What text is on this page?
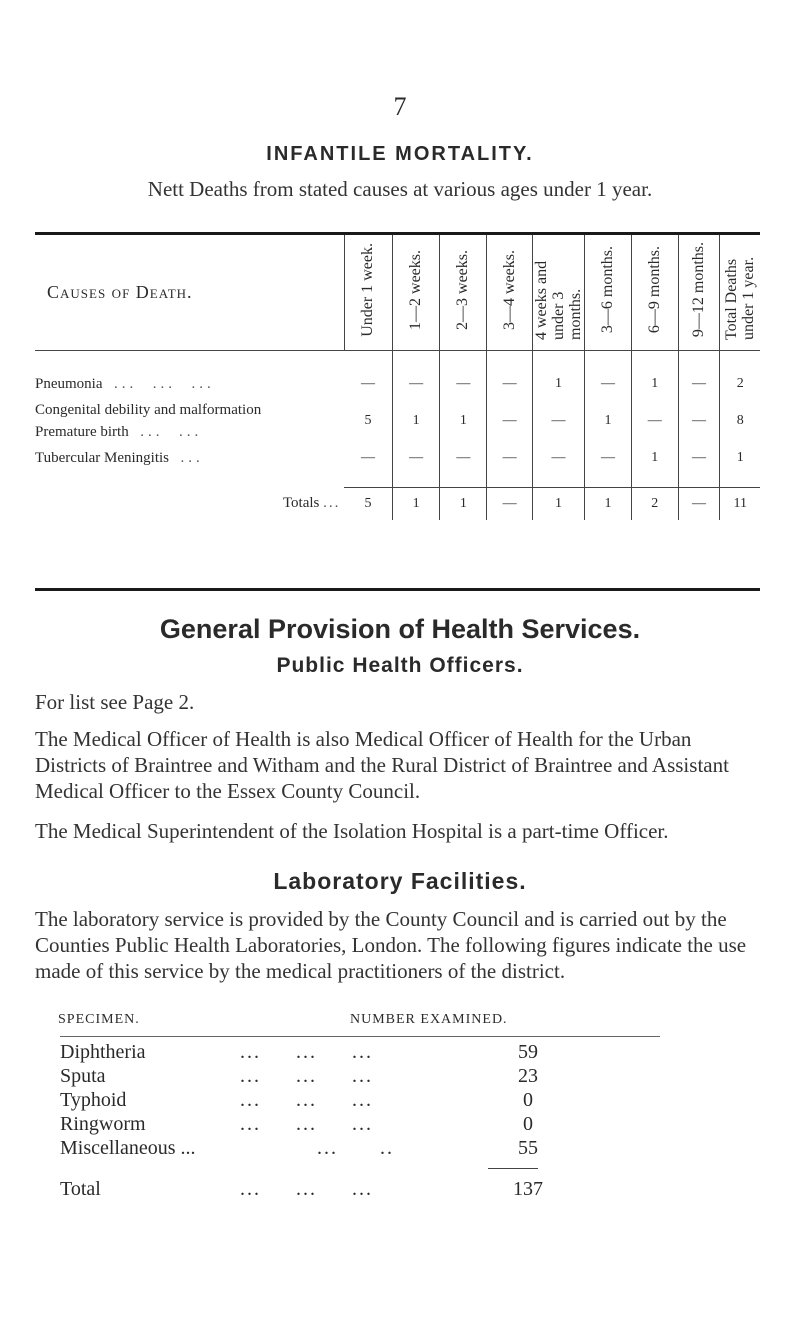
7
INFANTILE MORTALITY.
Nett Deaths from stated causes at various ages under 1 year.
Causes of Death.	Under 1 week.	1—2 weeks.	2—3 weeks.	3—4 weeks.	4 weeks and under 3 months.	3—6 months.	6—9 months.	9—12 months.	Total Deaths under 1 year.

Pneumonia  ...  ...  ...	—	—	—	—	1	—	1	—	2

Congenital debility and malformation
Premature birth  ...  ...	5	1	1	—	—	1	—	—	8
Tubercular Meningitis  ...	—	—	—	—	—	—	1	—	1

Totals ...	5	1	1	—	1	1	2	—	11
General Provision of Health Services.
Public Health Officers.
For list see Page 2.
The Medical Officer of Health is also Medical Officer of Health for the Urban Districts of Braintree and Witham and the Rural District of Braintree and Assistant Medical Officer to the Essex County Council.
The Medical Superintendent of the Isolation Hospital is a part-time Officer.
Laboratory Facilities.
The laboratory service is provided by the County Council and is carried out by the Counties Public Health Laboratories, London. The following figures indicate the use made of this service by the medical practitioners of the district.
SPECIMEN.	NUMBER EXAMINED.
Diphtheria	...     ...     ...	59
Sputa	...     ...     ...	23
Typhoid	...     ...     ...	0
Ringworm	...     ...     ...	0
Miscellaneous ... ...      ..	55
Total	...     ...     ...	137
